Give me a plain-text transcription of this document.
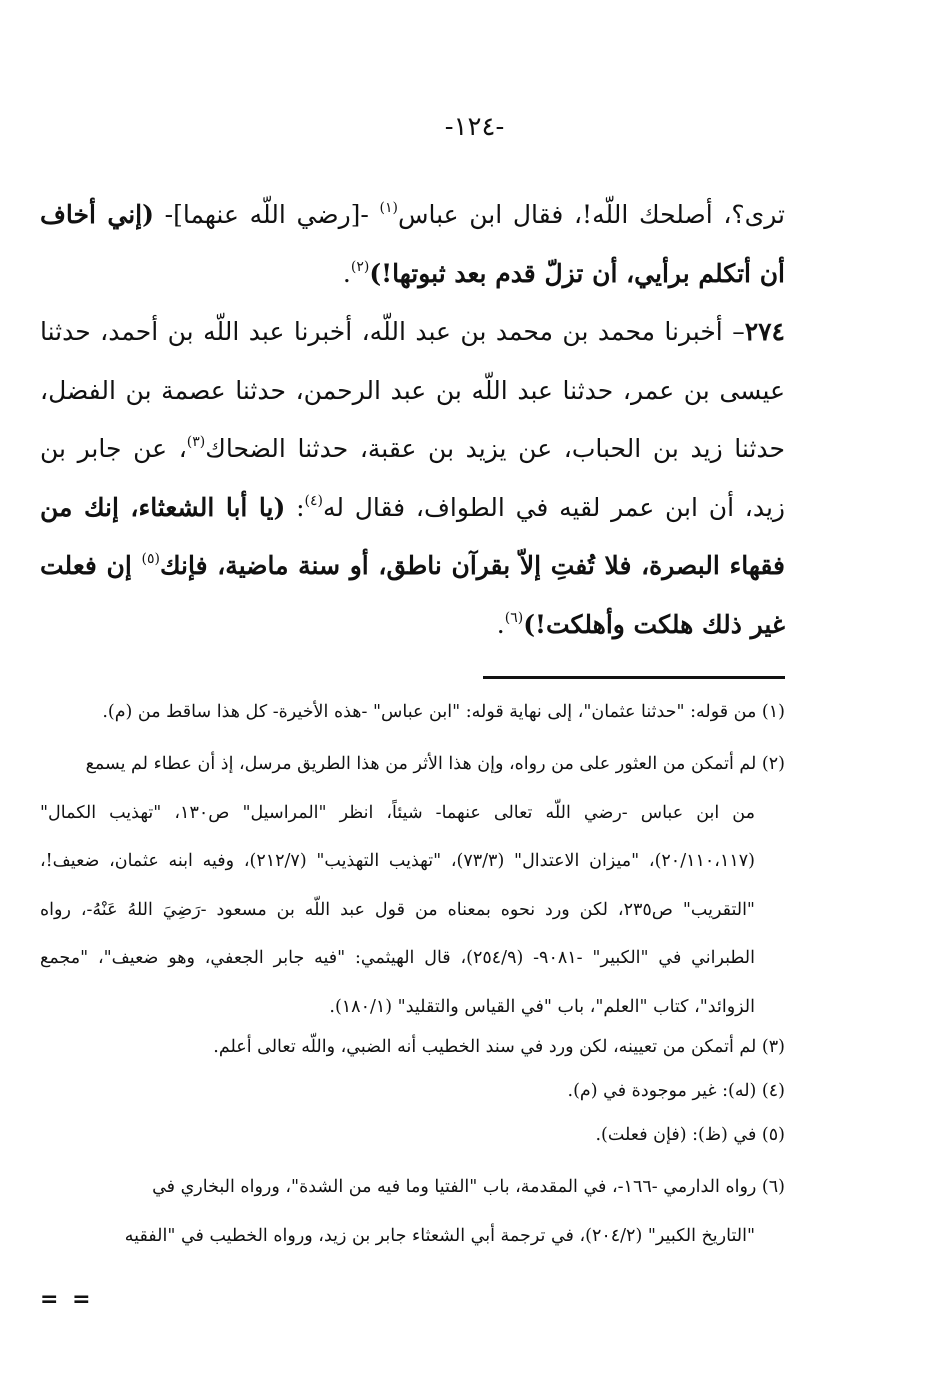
-١٢٤-

ترى؟، أصلحك اللّه!، فقال ابن عباس$^{(١)}$ -[رضي اللّه عنهما]- (إني أخاف أن أتكلم برأيي، أن تزلّ قدم بعد ثبوتها!)$^{(٢)}$.

٢٧٤– أخبرنا محمد بن محمد بن عبد اللّه، أخبرنا عبد اللّه بن أحمد، حدثنا عيسى بن عمر، حدثنا عبد اللّه بن عبد الرحمن، حدثنا عصمة بن الفضل، حدثنا زيد بن الحباب، عن يزيد بن عقبة، حدثنا الضحاك$^{(٣)}$، عن جابر بن زيد، أن ابن عمر لقيه في الطواف، فقال له$^{(٤)}$: (يا أبا الشعثاء، إنك من فقهاء البصرة، فلا تُفتِ إلاّ بقرآن ناطق، أو سنة ماضية، فإنك$^{(٥)}$ إن فعلت غير ذلك هلكت وأهلكت!)$^{(٦)}$.

(١) من قوله: "حدثنا عثمان"، إلى نهاية قوله: "ابن عباس" -هذه الأخيرة- كل هذا ساقط من (م).

(٢) لم أتمكن من العثور على من رواه، وإن هذا الأثر من هذا الطريق مرسل، إذ أن عطاء لم يسمع
من ابن عباس -رضي اللّه تعالى عنهما- شيئاً، انظر "المراسيل" ص١٣٠، "تهذيب الكمال" (٢٠/١١٠،١١٧)، "ميزان الاعتدال" (٧٣/٣)، "تهذيب التهذيب" (٢١٢/٧)، وفيه ابنه عثمان، ضعيف!، "التقريب" ص٢٣٥، لكن ورد نحوه بمعناه من قول عبد اللّه بن مسعود -رَضِيَ اللهُ عَنْهُ-، رواه الطبراني في "الكبير" -٩٠٨١- (٢٥٤/٩)، قال الهيثمي: "فيه جابر الجعفي، وهو ضعيف"، "مجمع الزوائد"، كتاب "العلم"، باب "في القياس والتقليد" (١٨٠/١).

(٣) لم أتمكن من تعيينه، لكن ورد في سند الخطيب أنه الضبي، واللّه تعالى أعلم.

(٤) (له): غير موجودة في (م).

(٥) في (ظ): (فإن فعلت).

(٦) رواه الدارمي -١٦٦-، في المقدمة، باب "الفتيا وما فيه من الشدة"، ورواه البخاري في
"التاريخ الكبير" (٢٠٤/٢)، في ترجمة أبي الشعثاء جابر بن زيد، ورواه الخطيب في "الفقيه

= =
